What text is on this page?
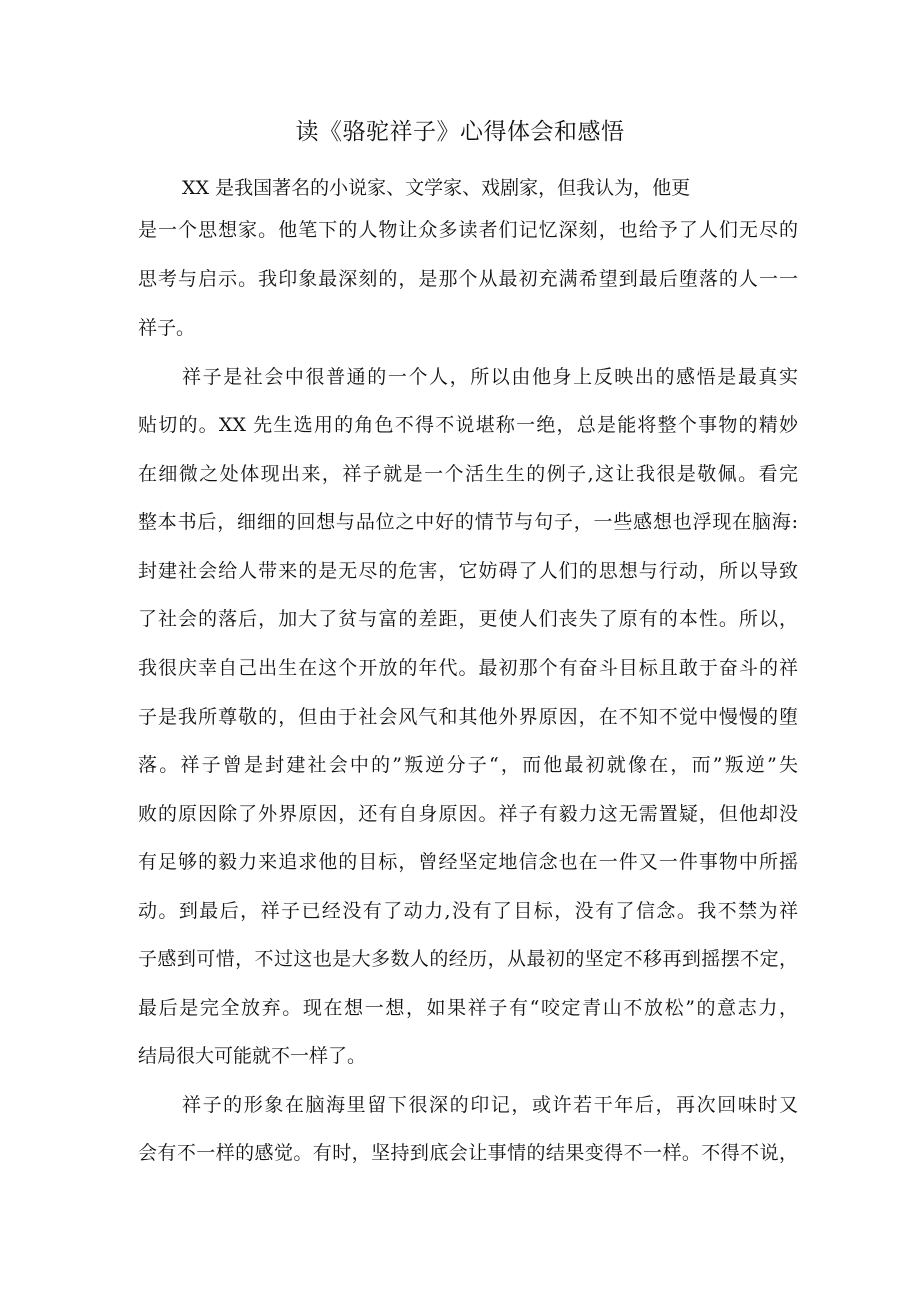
读《骆驼祥子》心得体会和感悟
XX 是我国著名的小说家、文学家、戏剧家，但我认为，他更
是一个思想家。他笔下的人物让众多读者们记忆深刻，也给予了人们无尽的
思考与启示。我印象最深刻的，是那个从最初充满希望到最后堕落的人一一
祥子。
祥子是社会中很普通的一个人，所以由他身上反映出的感悟是最真实
贴切的。XX 先生选用的角色不得不说堪称一绝，总是能将整个事物的精妙
在细微之处体现出来，祥子就是一个活生生的例子,这让我很是敬佩。看完
整本书后，细细的回想与品位之中好的情节与句子，一些感想也浮现在脑海:
封建社会给人带来的是无尽的危害，它妨碍了人们的思想与行动，所以导致
了社会的落后，加大了贫与富的差距，更使人们丧失了原有的本性。所以，
我很庆幸自己出生在这个开放的年代。最初那个有奋斗目标且敢于奋斗的祥
子是我所尊敬的，但由于社会风气和其他外界原因，在不知不觉中慢慢的堕
落。祥子曾是封建社会中的”叛逆分子“，而他最初就像在，而”叛逆”失
败的原因除了外界原因，还有自身原因。祥子有毅力这无需置疑，但他却没
有足够的毅力来追求他的目标，曾经坚定地信念也在一件又一件事物中所摇
动。到最后，祥子已经没有了动力,没有了目标，没有了信念。我不禁为祥
子感到可惜，不过这也是大多数人的经历，从最初的坚定不移再到摇摆不定，
最后是完全放弃。现在想一想，如果祥子有“咬定青山不放松”的意志力，
结局很大可能就不一样了。
祥子的形象在脑海里留下很深的印记，或许若干年后，再次回味时又
会有不一样的感觉。有时，坚持到底会让事情的结果变得不一样。不得不说，
